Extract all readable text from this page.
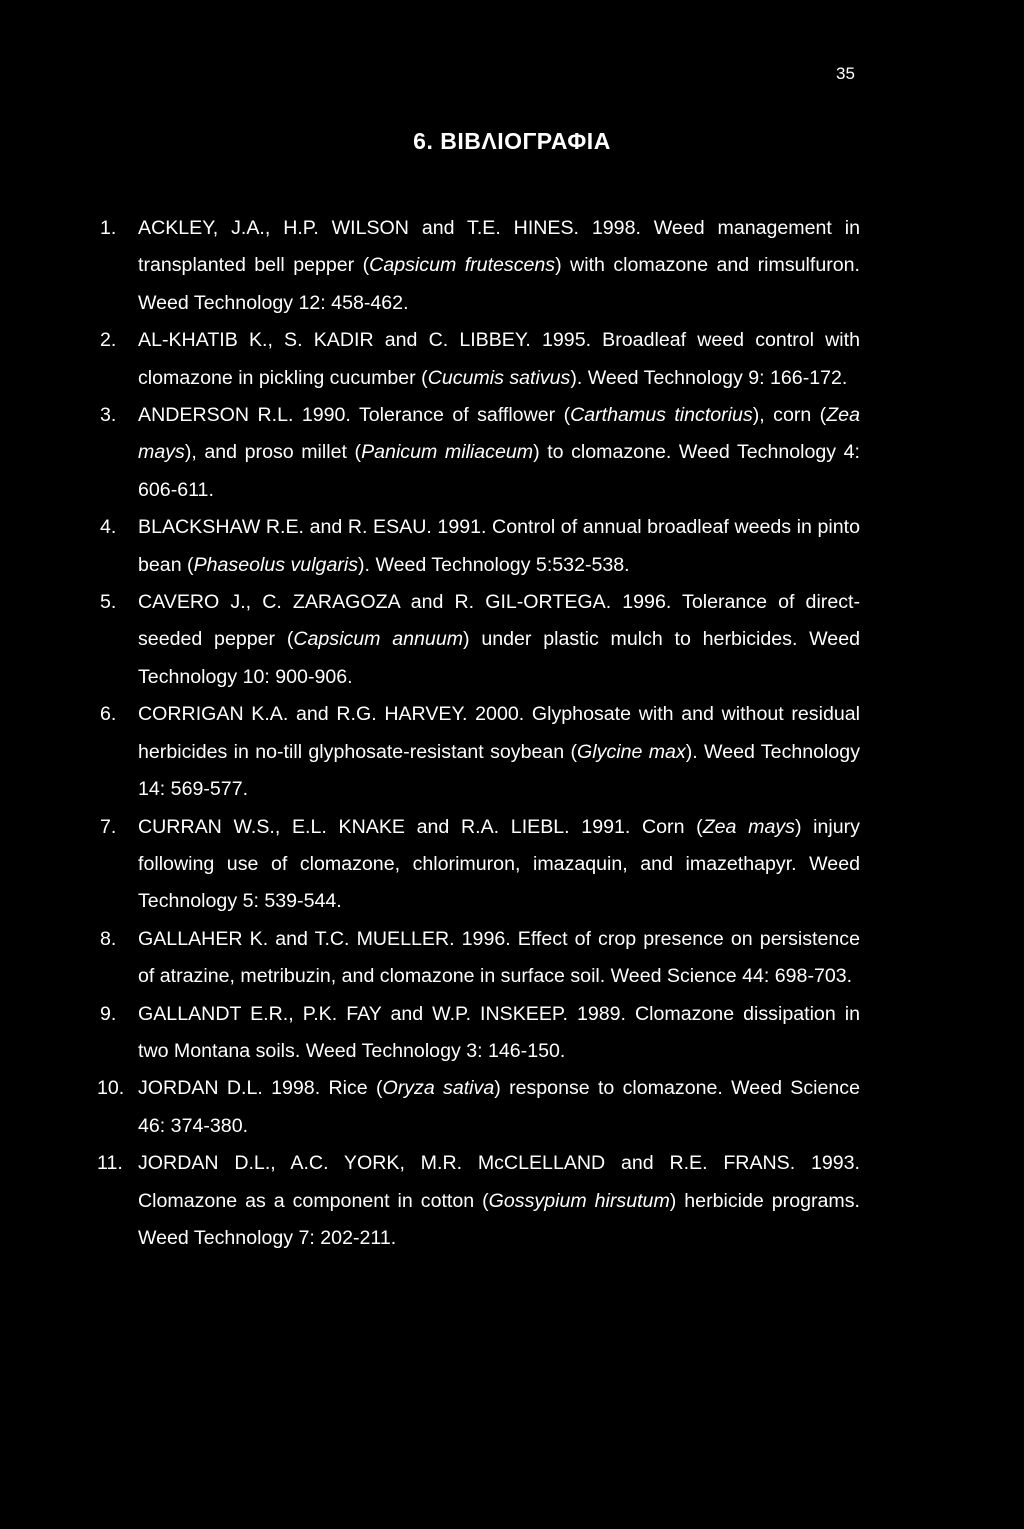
35
6. ΒΙΒΛΙΟΓΡΑΦΙΑ
1. ACKLEY, J.A., H.P. WILSON and T.E. HINES. 1998. Weed management in transplanted bell pepper (Capsicum frutescens) with clomazone and rimsulfuron. Weed Technology 12: 458-462.
2. AL-KHATIB K., S. KADIR and C. LIBBEY. 1995. Broadleaf weed control with clomazone in pickling cucumber (Cucumis sativus). Weed Technology 9: 166-172.
3. ANDERSON R.L. 1990. Tolerance of safflower (Carthamus tinctorius), corn (Zea mays), and proso millet (Panicum miliaceum) to clomazone. Weed Technology 4: 606-611.
4. BLACKSHAW R.E. and R. ESAU. 1991. Control of annual broadleaf weeds in pinto bean (Phaseolus vulgaris). Weed Technology 5:532-538.
5. CAVERO J., C. ZARAGOZA and R. GIL-ORTEGA. 1996. Tolerance of direct-seeded pepper (Capsicum annuum) under plastic mulch to herbicides. Weed Technology 10: 900-906.
6. CORRIGAN K.A. and R.G. HARVEY. 2000. Glyphosate with and without residual herbicides in no-till glyphosate-resistant soybean (Glycine max). Weed Technology 14: 569-577.
7. CURRAN W.S., E.L. KNAKE and R.A. LIEBL. 1991. Corn (Zea mays) injury following use of clomazone, chlorimuron, imazaquin, and imazethapyr. Weed Technology 5: 539-544.
8. GALLAHER K. and T.C. MUELLER. 1996. Effect of crop presence on persistence of atrazine, metribuzin, and clomazone in surface soil. Weed Science 44: 698-703.
9. GALLANDT E.R., P.K. FAY and W.P. INSKEEP. 1989. Clomazone dissipation in two Montana soils. Weed Technology 3: 146-150.
10. JORDAN D.L. 1998. Rice (Oryza sativa) response to clomazone. Weed Science 46: 374-380.
11. JORDAN D.L., A.C. YORK, M.R. McCLELLAND and R.E. FRANS. 1993. Clomazone as a component in cotton (Gossypium hirsutum) herbicide programs. Weed Technology 7: 202-211.
